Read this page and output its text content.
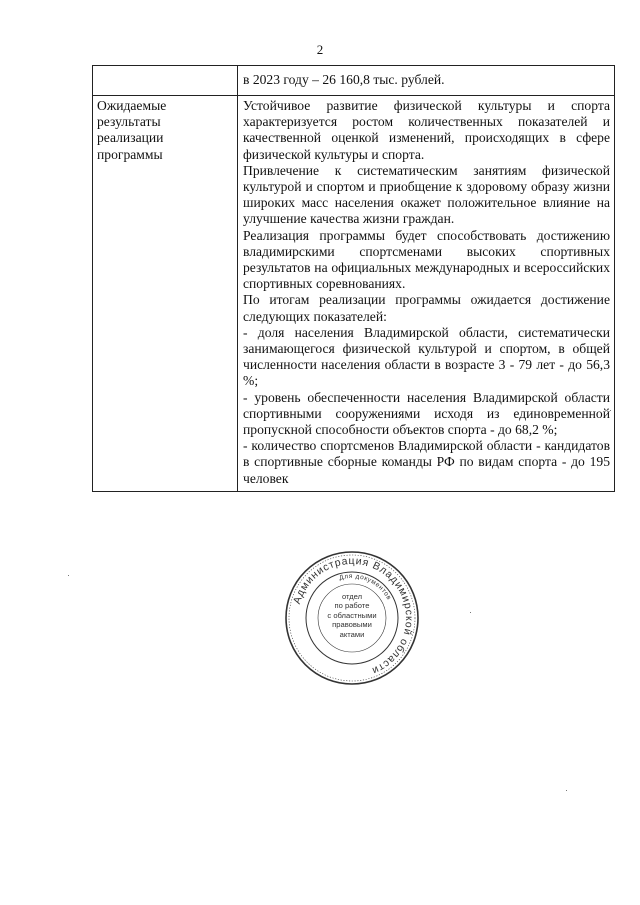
2

в 2023 году – 26 160,8 тыс. рублей.

Ожидаемые
результаты
реализации
программы

Устойчивое развитие физической культуры и спорта характеризуется ростом количественных показателей и качественной оценкой изменений, происходящих в сфере физической культуры и спорта.

Привлечение к систематическим занятиям физической культурой и спортом и приобщение к здоровому образу жизни широких масс населения окажет положительное влияние на улучшение качества жизни граждан.

Реализация программы будет способствовать достижению владимирскими спортсменами высоких спортивных результатов на официальных международных и всероссийских спортивных соревнованиях.

По итогам реализации программы ожидается достижение следующих показателей:

- доля населения Владимирской области, систематически занимающегося физической культурой и спортом, в общей численности населения области в возрасте 3 - 79 лет - до 56,3 %;

- уровень обеспеченности населения Владимирской области спортивными сооружениями исходя из единовременной пропускной способности объектов спорта - до 68,2 %;

- количество спортсменов Владимирской области - кандидатов в спортивные сборные команды РФ по видам спорта - до 195 человек

Администрация Владимирской области
Для документов
отдел
по работе
с областными
правовыми
актами
